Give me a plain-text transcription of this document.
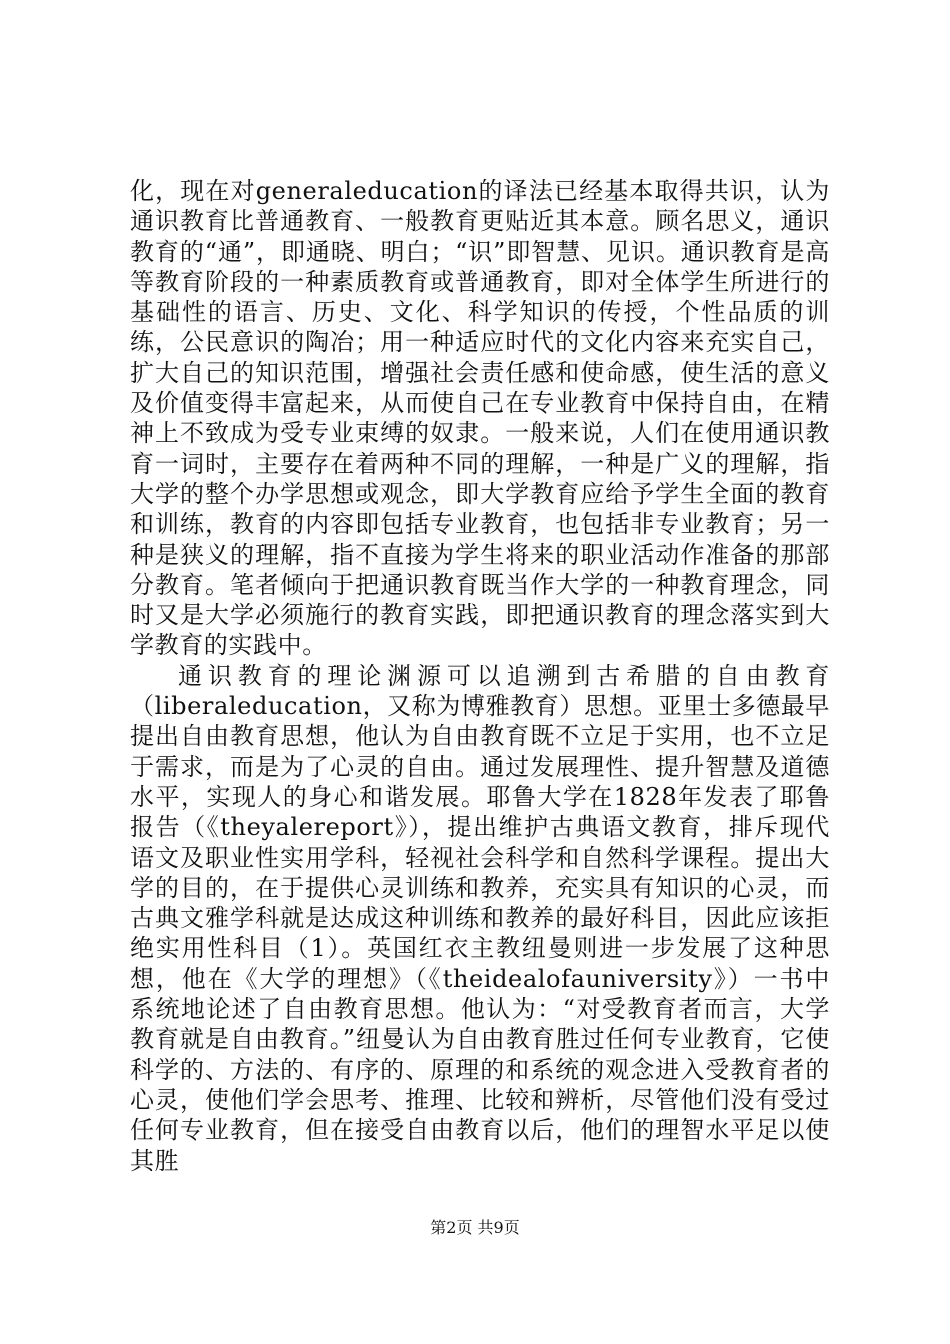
化，现在对generaleducation的译法已经基本取得共识，认为通识教育比普通教育、一般教育更贴近其本意。顾名思义，通识教育的“通”，即通晓、明白；“识”即智慧、见识。通识教育是高等教育阶段的一种素质教育或普通教育，即对全体学生所进行的基础性的语言、历史、文化、科学知识的传授，个性品质的训练，公民意识的陶冶；用一种适应时代的文化内容来充实自己，扩大自己的知识范围，增强社会责任感和使命感，使生活的意义及价值变得丰富起来，从而使自己在专业教育中保持自由，在精神上不致成为受专业束缚的奴隶。一般来说，人们在使用通识教育一词时，主要存在着两种不同的理解，一种是广义的理解，指大学的整个办学思想或观念，即大学教育应给予学生全面的教育和训练，教育的内容即包括专业教育，也包括非专业教育；另一种是狭义的理解，指不直接为学生将来的职业活动作准备的那部分教育。笔者倾向于把通识教育既当作大学的一种教育理念，同时又是大学必须施行的教育实践，即把通识教育的理念落实到大学教育的实践中。

通识教育的理论渊源可以追溯到古希腊的自由教育（liberaleducation，又称为博雅教育）思想。亚里士多德最早提出自由教育思想，他认为自由教育既不立足于实用，也不立足于需求，而是为了心灵的自由。通过发展理性、提升智慧及道德水平，实现人的身心和谐发展。耶鲁大学在1828年发表了耶鲁报告（《theyalereport》），提出维护古典语文教育，排斥现代语文及职业性实用学科，轻视社会科学和自然科学课程。提出大学的目的，在于提供心灵训练和教养，充实具有知识的心灵，而古典文雅学科就是达成这种训练和教养的最好科目，因此应该拒绝实用性科目（1）。英国红衣主教纽曼则进一步发展了这种思想，他在《大学的理想》（《theidealofauniversity》）一书中系统地论述了自由教育思想。他认为：“对受教育者而言，大学教育就是自由教育。”纽曼认为自由教育胜过任何专业教育，它使科学的、方法的、有序的、原理的和系统的观念进入受教育者的心灵，使他们学会思考、推理、比较和辨析，尽管他们没有受过任何专业教育，但在接受自由教育以后，他们的理智水平足以使其胜

第2页 共9页
